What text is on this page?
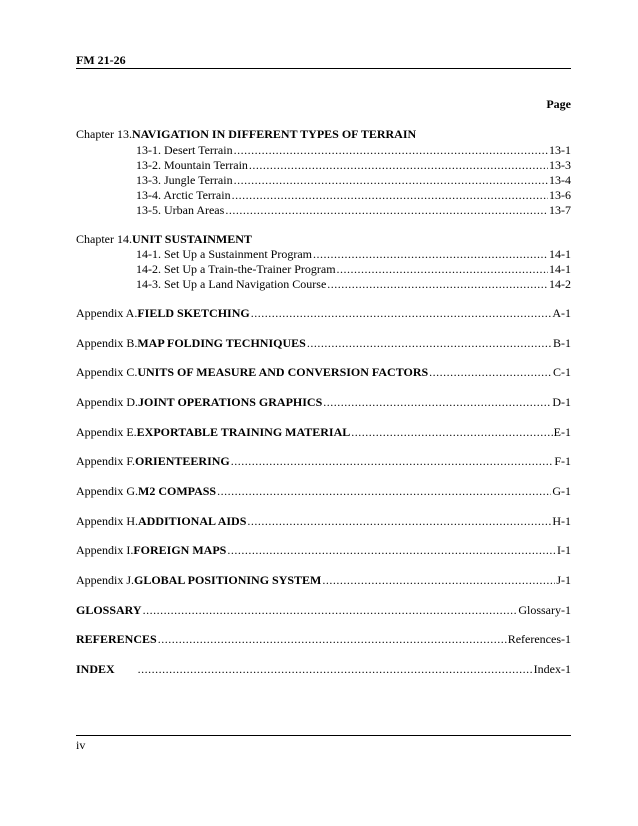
FM 21-26
Page
Chapter 13.NAVIGATION IN DIFFERENT TYPES OF TERRAIN
13-1. Desert Terrain .....	13-1
13-2. Mountain Terrain .....	13-3
13-3. Jungle Terrain .....	13-4
13-4. Arctic Terrain .....	13-6
13-5. Urban Areas .....	13-7
Chapter 14.UNIT SUSTAINMENT
14-1. Set Up a Sustainment Program .....	14-1
14-2. Set Up a Train-the-Trainer Program .....	14-1
14-3. Set Up a Land Navigation Course .....	14-2
Appendix A. FIELD SKETCHING .....	A-1
Appendix B. MAP FOLDING TECHNIQUES .....	B-1
Appendix C. UNITS OF MEASURE AND CONVERSION FACTORS .....	C-1
Appendix D. JOINT OPERATIONS GRAPHICS .....	D-1
Appendix E. EXPORTABLE TRAINING MATERIAL .....	E-1
Appendix F. ORIENTEERING .....	F-1
Appendix G. M2 COMPASS .....	G-1
Appendix H. ADDITIONAL AIDS .....	H-1
Appendix I. FOREIGN MAPS .....	I-1
Appendix J. GLOBAL POSITIONING SYSTEM .....	J-1
GLOSSARY .....	Glossary-1
REFERENCES .....	References-1
INDEX .....	Index-1
iv
